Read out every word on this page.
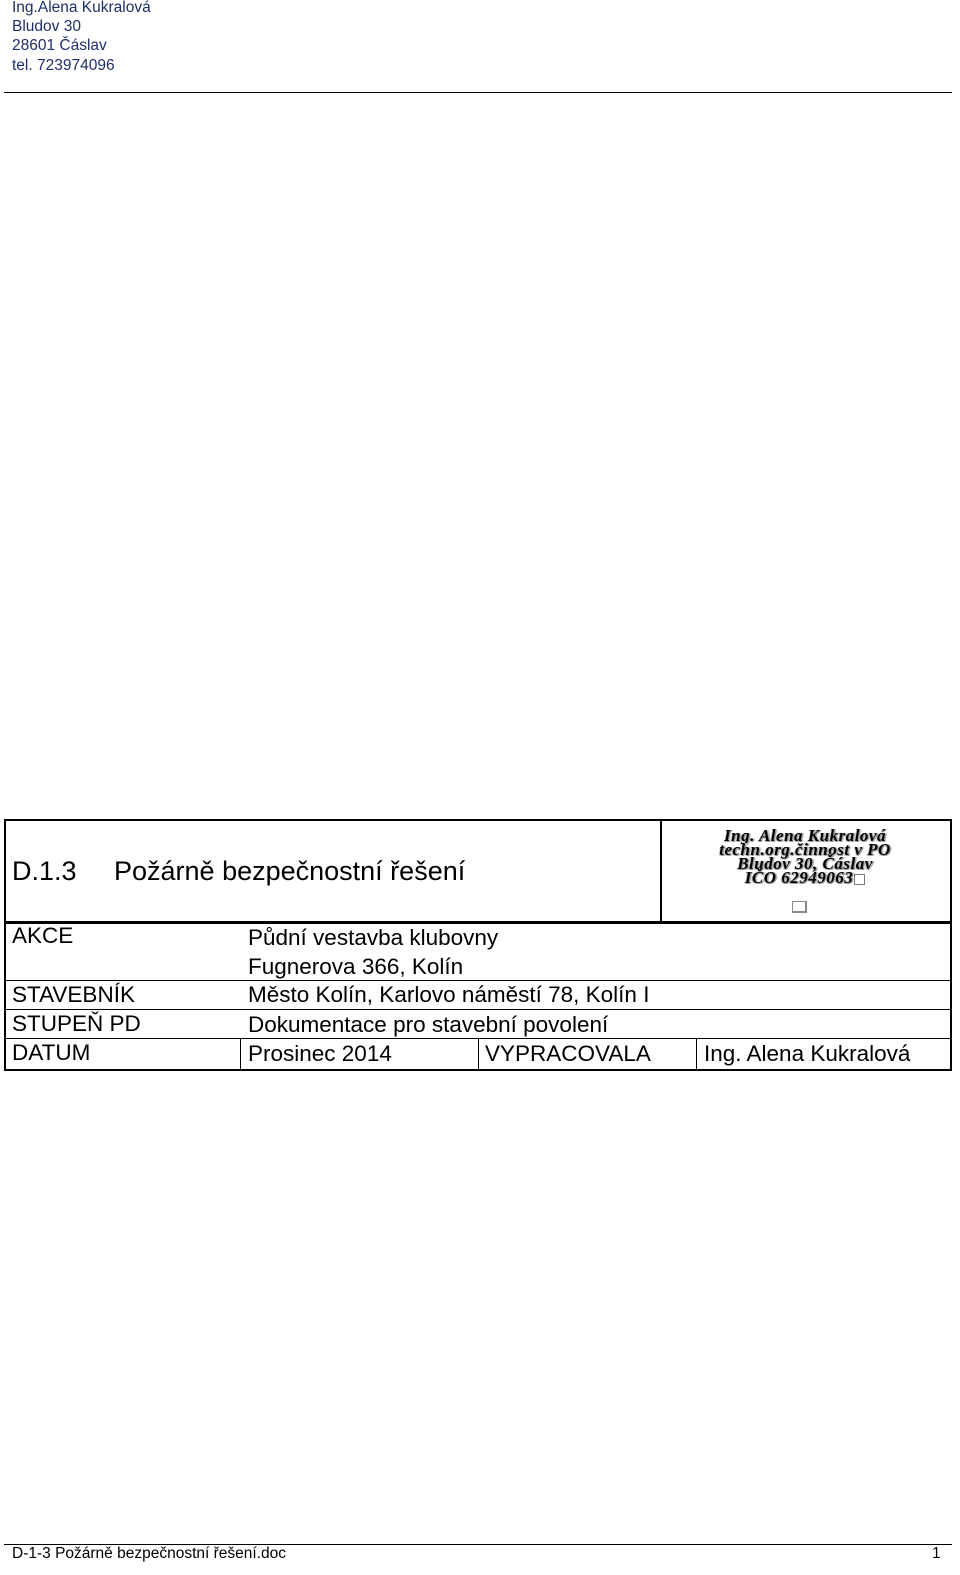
Ing.Alena Kukralová
Bludov 30
28601 Čáslav
tel. 723974096
D.1.3 Požárně bezpečnostní řešení
Ing. Alena Kukralová
techn.org.činnost v PO
Bludov 30, Čáslav
IČO 62949063
AKCE	Půdní vestavba klubovny
Fugnerova 366, Kolín
STAVEBNÍK	Město Kolín, Karlovo náměstí 78, Kolín I
STUPEŇ PD	Dokumentace pro stavební povolení
DATUM	Prosinec 2014	VYPRACOVALA Ing. Alena Kukralová
D-1-3 Požárně bezpečnostní řešení.doc	1
